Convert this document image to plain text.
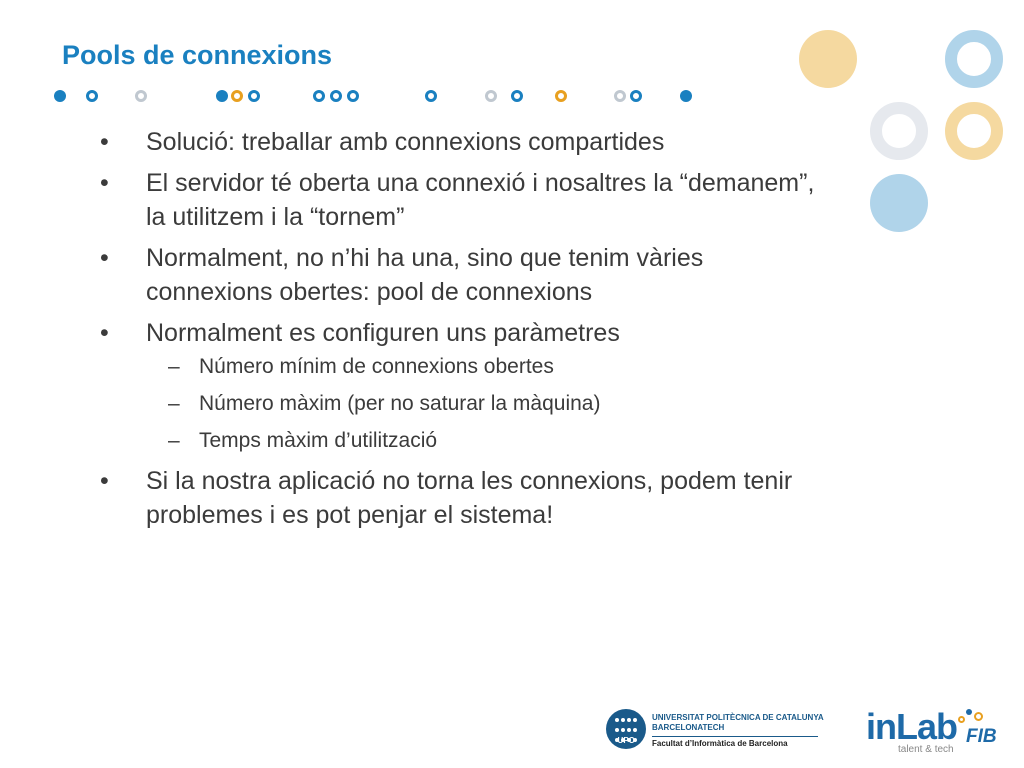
Pools de connexions
• Solució: treballar amb connexions compartides
• El servidor té oberta una connexió i nosaltres la “demanem”, la utilitzem i la “tornem”
• Normalment, no n’hi ha una, sino que tenim vàries connexions obertes: pool de connexions
• Normalment es configuren uns paràmetres
– Número mínim de connexions obertes
– Número màxim (per no saturar la màquina)
– Temps màxim d’utilització
• Si la nostra aplicació no torna les connexions, podem tenir problemes i es pot penjar el sistema!

UPC
UNIVERSITAT POLITÈCNICA DE CATALUNYA
BARCELONATECH
Facultat d’Informàtica de Barcelona	inLab FIB
talent & tech
